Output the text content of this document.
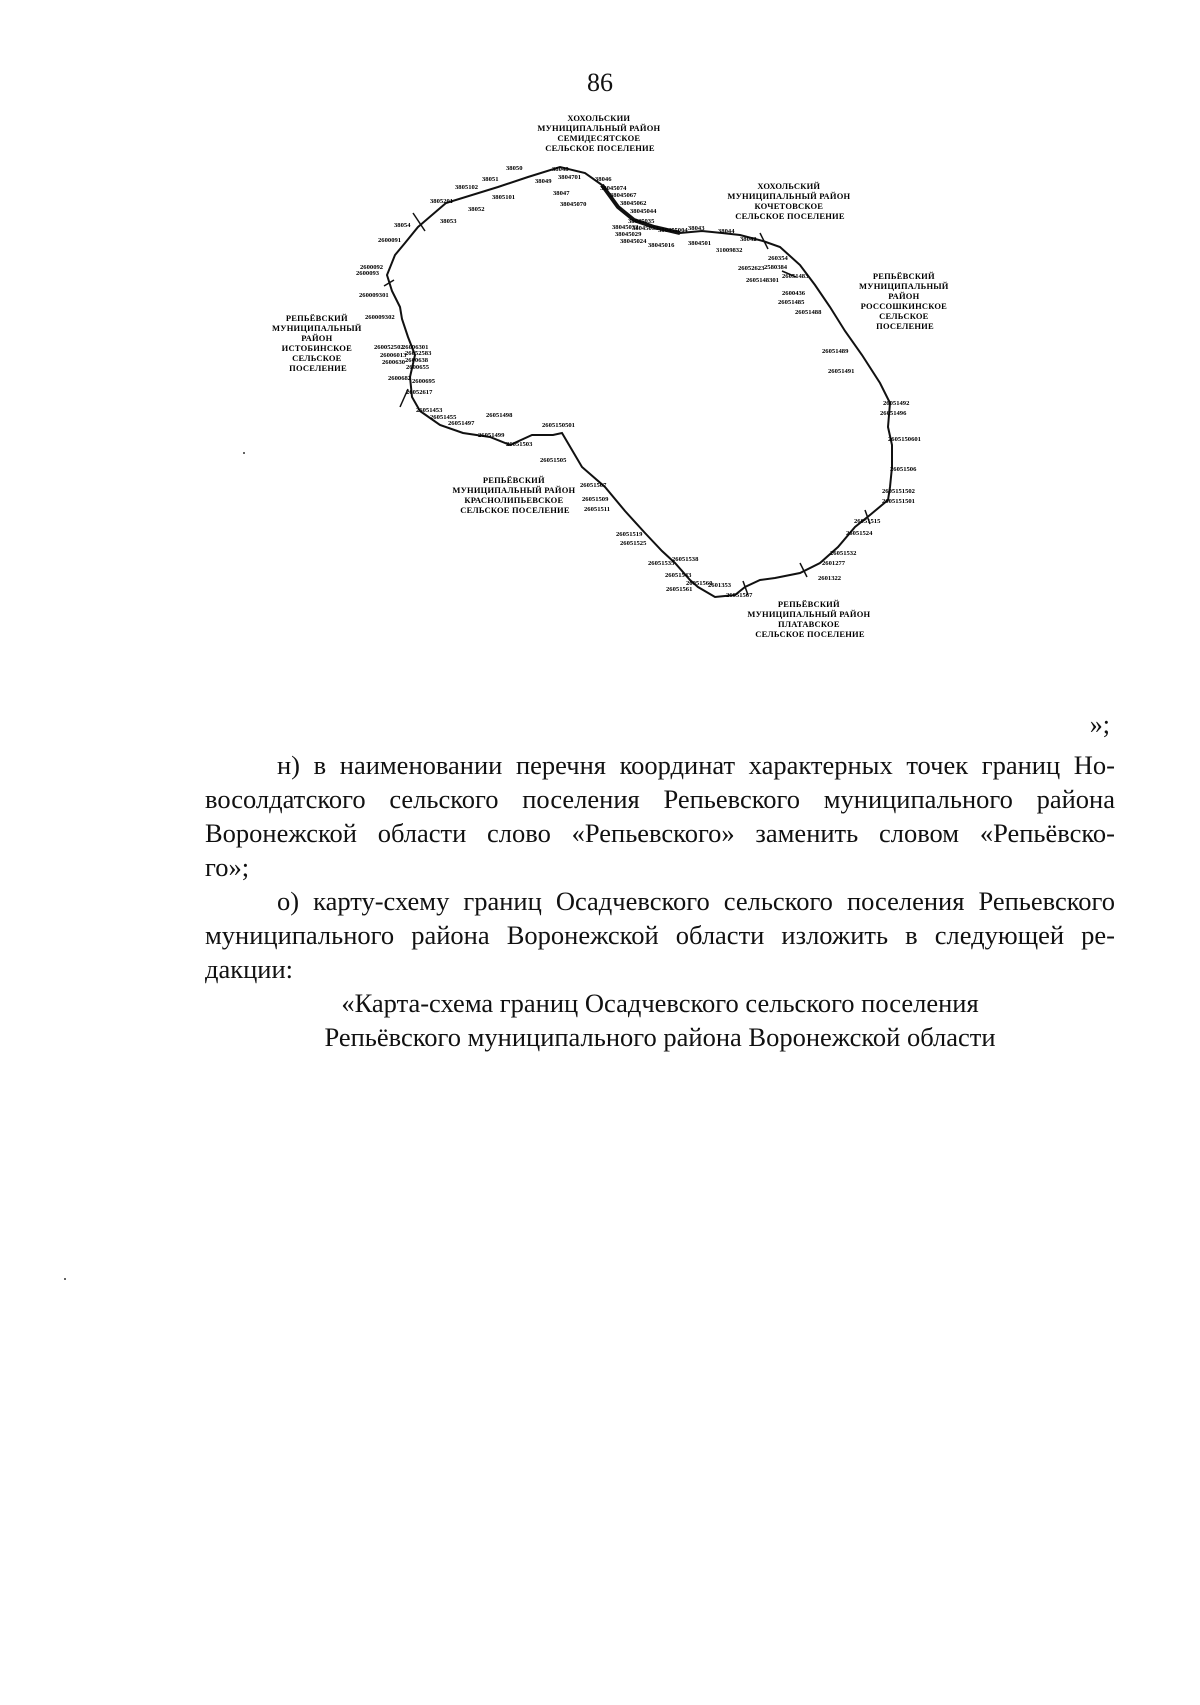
86
ХОХОЛЬСКИЙ МУНИЦИПАЛЬНЫЙ РАЙОН СЕМИДЕСЯТСКОЕ СЕЛЬСКОЕ ПОСЕЛЕНИЕ
ХОХОЛЬСКИЙ МУНИЦИПАЛЬНЫЙ РАЙОН КОЧЕТОВСКОЕ СЕЛЬСКОЕ ПОСЕЛЕНИЕ
РЕПЬЁВСКИЙ МУНИЦИПАЛЬНЫЙ РАЙОН РОССОШКИНСКОЕ СЕЛЬСКОЕ ПОСЕЛЕНИЕ
РЕПЬЁВСКИЙ МУНИЦИПАЛЬНЫЙ РАЙОН ПЛАТАВСКОЕ СЕЛЬСКОЕ ПОСЕЛЕНИЕ
РЕПЬЁВСКИЙ МУНИЦИПАЛЬНЫЙ РАЙОН КРАСНОЛИПЬЕВСКОЕ СЕЛЬСКОЕ ПОСЕЛЕНИЕ
РЕПЬЁВСКИЙ МУНИЦИПАЛЬНЫЙ РАЙОН ИСТОБИНСКОЕ СЕЛЬСКОЕ ПОСЕЛЕНИЕ
38048
38050
38049
3804701 38046
38045074
38047	38045067
3805102
3805101
38051
38045070	38045062
38045044
3805201
38052
38045035
38045033
38054
38053
38045032
38045029
380455004
38045024
38045016 3804501
38043 38044
31009832
38042
2600091
2600092
2600093
260009301
260009302
260354
2580384
26052623
2605148301
26051483
2600436
26051485
26051488
260052502
26006301
26006013
26052583
2600638
2600630
2600655
2600682 2600695
26052617
26051453
26051455
26051497
26051498
26051499
26051503
2605150501
26051505
26051489
26051491
26051492
26051496
2605150601
26051506
2605151502
2605151501
26051515
26051524
26051532
2601277
2601322
26051507
26051509
26051511
26051519
26051525
26051535
26051538
26051543
26051560
26051561
2601353
26051567
»;
н) в наименовании перечня координат характерных точек границ Но-
восолдатского сельского поселения Репьевского муниципального района
Воронежской области слово «Репьевского» заменить словом «Репьёвско-
го»;
о) карту-схему границ Осадчевского сельского поселения Репьевского
муниципального района Воронежской области изложить в следующей ре-
дакции:
«Карта-схема границ Осадчевского сельского поселения
Репьёвского муниципального района Воронежской области
